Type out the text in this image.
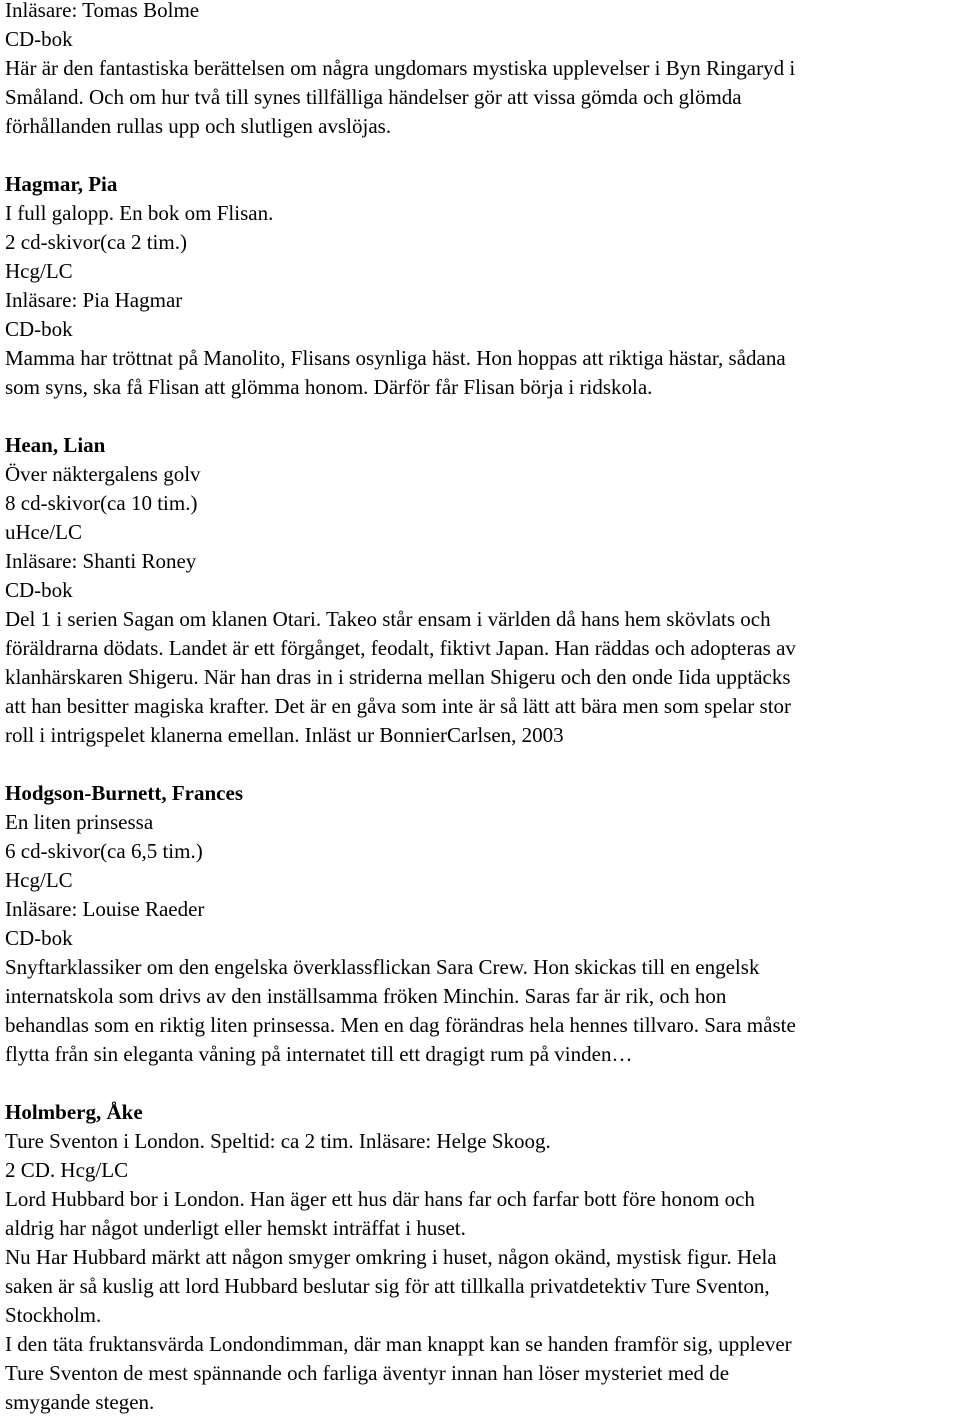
Inläsare: Tomas Bolme
CD-bok
Här är den fantastiska berättelsen om några ungdomars mystiska upplevelser i Byn Ringaryd i
Småland. Och om hur två till synes tillfälliga händelser gör att vissa gömda och glömda
förhållanden rullas upp och slutligen avslöjas.
Hagmar, Pia
I full galopp. En bok om Flisan.
2 cd-skivor(ca 2 tim.)
Hcg/LC
Inläsare: Pia Hagmar
CD-bok
Mamma har tröttnat på Manolito, Flisans osynliga häst. Hon hoppas att riktiga hästar, sådana
som syns, ska få Flisan att glömma honom. Därför får Flisan börja i ridskola.
Hean, Lian
Över näktergalens golv
8 cd-skivor(ca 10 tim.)
uHce/LC
Inläsare: Shanti Roney
CD-bok
Del 1 i serien Sagan om klanen Otari. Takeo står ensam i världen då hans hem skövlats och
föräldrarna dödats. Landet är ett förgånget, feodalt, fiktivt Japan. Han räddas och adopteras av
klanhärskaren Shigeru. När han dras in i striderna mellan Shigeru och den onde Iida upptäcks
att han besitter magiska krafter. Det är en gåva som inte är så lätt att bära men som spelar stor
roll i intrigspelet klanerna emellan. Inläst ur BonnierCarlsen, 2003
Hodgson-Burnett, Frances
En liten prinsessa
6 cd-skivor(ca 6,5 tim.)
Hcg/LC
Inläsare: Louise Raeder
CD-bok
Snyftarklassiker om den engelska överklassflickan Sara Crew. Hon skickas till en engelsk
internatskola som drivs av den inställsamma fröken Minchin. Saras far är rik, och hon
behandlas som en riktig liten prinsessa. Men en dag förändras hela hennes tillvaro. Sara måste
flytta från sin eleganta våning på internatet till ett dragigt rum på vinden…
Holmberg, Åke
Ture Sventon i London. Speltid: ca 2 tim. Inläsare: Helge Skoog.
2 CD. Hcg/LC
Lord Hubbard bor i London. Han äger ett hus där hans far och farfar bott före honom och
aldrig har något underligt eller hemskt inträffat i huset.
Nu Har Hubbard märkt att någon smyger omkring i huset, någon okänd, mystisk figur. Hela
saken är så kuslig att lord Hubbard beslutar sig för att tillkalla privatdetektiv Ture Sventon,
Stockholm.
I den täta fruktansvärda Londondimman, där man knappt kan se handen framför sig, upplever
Ture Sventon de mest spännande och farliga äventyr innan han löser mysteriet med de
smygande stegen.
